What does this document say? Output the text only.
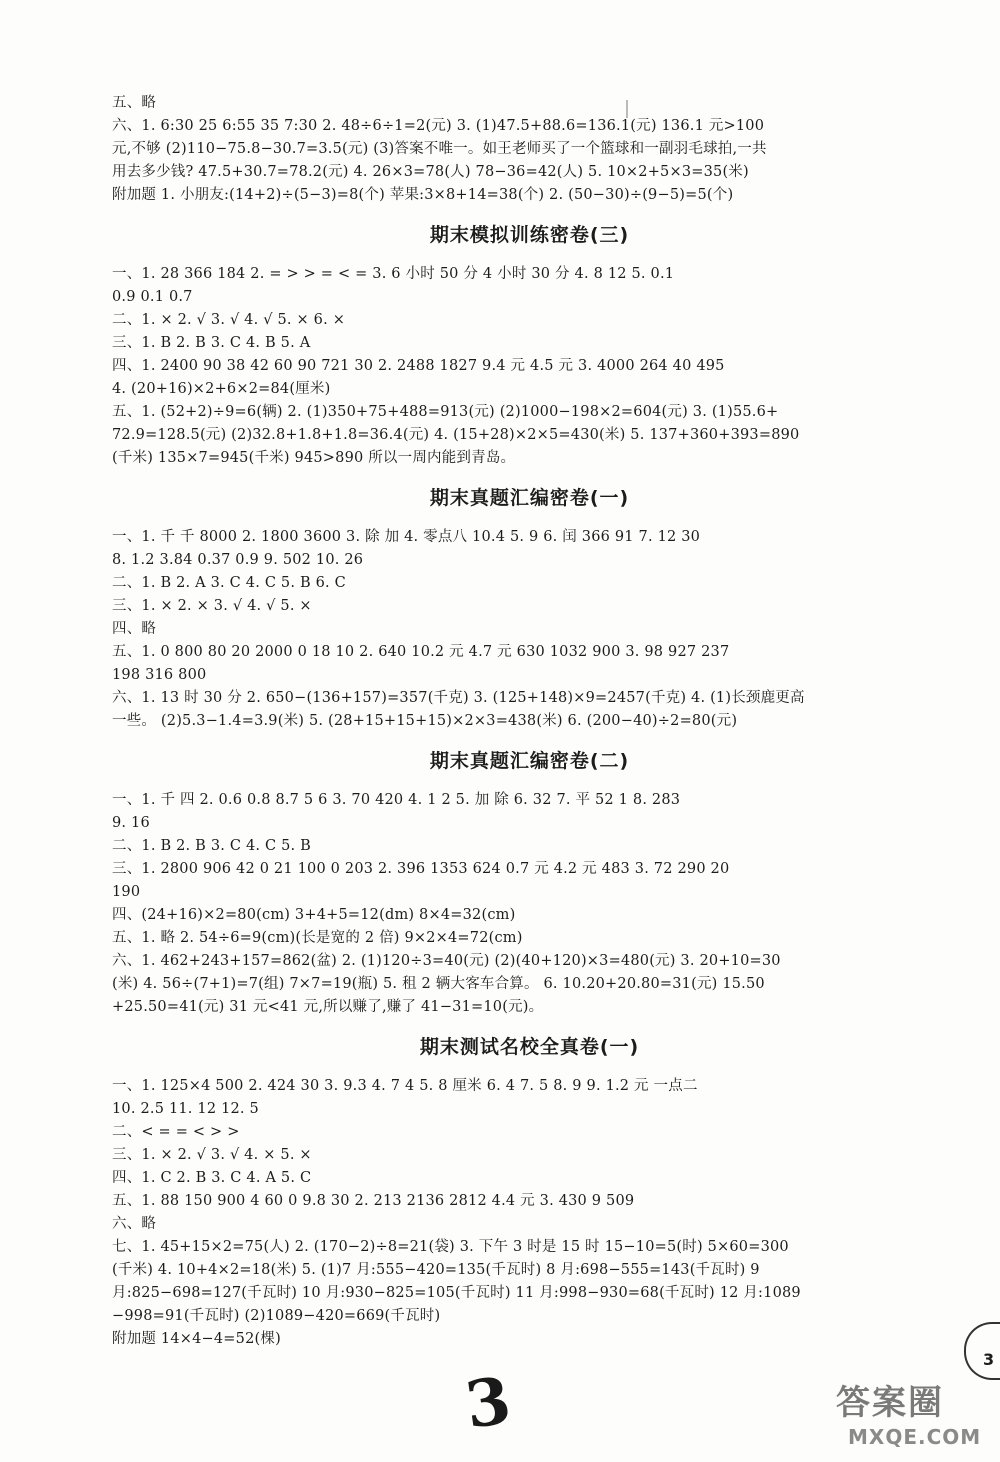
五、略
六、1. 6:30 25 6:55 35 7:30 2. 48÷6÷1=2(元) 3. (1)47.5+88.6=136.1(元) 136.1 元>100
元,不够 (2)110−75.8−30.7=3.5(元) (3)答案不唯一。如王老师买了一个篮球和一副羽毛球拍,一共
用去多少钱? 47.5+30.7=78.2(元) 4. 26×3=78(人) 78−36=42(人) 5. 10×2+5×3=35(米)
附加题 1. 小朋友:(14+2)÷(5−3)=8(个) 苹果:3×8+14=38(个) 2. (50−30)÷(9−5)=5(个)
期末模拟训练密卷(三)
一、1. 28 366 184 2. = > > = < = 3. 6 小时 50 分 4 小时 30 分 4. 8 12 5. 0.1
0.9 0.1 0.7
二、1. × 2. √ 3. √ 4. √ 5. × 6. ×
三、1. B 2. B 3. C 4. B 5. A
四、1. 2400 90 38 42 60 90 721 30 2. 2488 1827 9.4 元 4.5 元 3. 4000 264 40 495
4. (20+16)×2+6×2=84(厘米)
五、1. (52+2)÷9=6(辆) 2. (1)350+75+488=913(元) (2)1000−198×2=604(元) 3. (1)55.6+
72.9=128.5(元) (2)32.8+1.8+1.8=36.4(元) 4. (15+28)×2×5=430(米) 5. 137+360+393=890
(千米) 135×7=945(千米) 945>890 所以一周内能到青岛。
期末真题汇编密卷(一)
一、1. 千 千 8000 2. 1800 3600 3. 除 加 4. 零点八 10.4 5. 9 6. 闰 366 91 7. 12 30
8. 1.2 3.84 0.37 0.9 9. 502 10. 26
二、1. B 2. A 3. C 4. C 5. B 6. C
三、1. × 2. × 3. √ 4. √ 5. ×
四、略
五、1. 0 800 80 20 2000 0 18 10 2. 640 10.2 元 4.7 元 630 1032 900 3. 98 927 237
198 316 800
六、1. 13 时 30 分 2. 650−(136+157)=357(千克) 3. (125+148)×9=2457(千克) 4. (1)长颈鹿更高
一些。 (2)5.3−1.4=3.9(米) 5. (28+15+15+15)×2×3=438(米) 6. (200−40)÷2=80(元)
期末真题汇编密卷(二)
一、1. 千 四 2. 0.6 0.8 8.7 5 6 3. 70 420 4. 1 2 5. 加 除 6. 32 7. 平 52 1 8. 283
9. 16
二、1. B 2. B 3. C 4. C 5. B
三、1. 2800 906 42 0 21 100 0 203 2. 396 1353 624 0.7 元 4.2 元 483 3. 72 290 20
190
四、(24+16)×2=80(cm) 3+4+5=12(dm) 8×4=32(cm)
五、1. 略 2. 54÷6=9(cm)(长是宽的 2 倍) 9×2×4=72(cm)
六、1. 462+243+157=862(盆) 2. (1)120÷3=40(元) (2)(40+120)×3=480(元) 3. 20+10=30
(米) 4. 56÷(7+1)=7(组) 7×7=19(瓶) 5. 租 2 辆大客车合算。 6. 10.20+20.80=31(元) 15.50
+25.50=41(元) 31 元<41 元,所以赚了,赚了 41−31=10(元)。
期末测试名校全真卷(一)
一、1. 125×4 500 2. 424 30 3. 9.3 4. 7 4 5. 8 厘米 6. 4 7. 5 8. 9 9. 1.2 元 一点二
10. 2.5 11. 12 12. 5
二、< = = < > >
三、1. × 2. √ 3. √ 4. × 5. ×
四、1. C 2. B 3. C 4. A 5. C
五、1. 88 150 900 4 60 0 9.8 30 2. 213 2136 2812 4.4 元 3. 430 9 509
六、略
七、1. 45+15×2=75(人) 2. (170−2)÷8=21(袋) 3. 下午 3 时是 15 时 15−10=5(时) 5×60=300
(千米) 4. 10+4×2=18(米) 5. (1)7 月:555−420=135(千瓦时) 8 月:698−555=143(千瓦时) 9
月:825−698=127(千瓦时) 10 月:930−825=105(千瓦时) 11 月:998−930=68(千瓦时) 12 月:1089
−998=91(千瓦时) (2)1089−420=669(千瓦时)
附加题 14×4−4=52(棵)
3
3
答案圈
MXQE.COM
